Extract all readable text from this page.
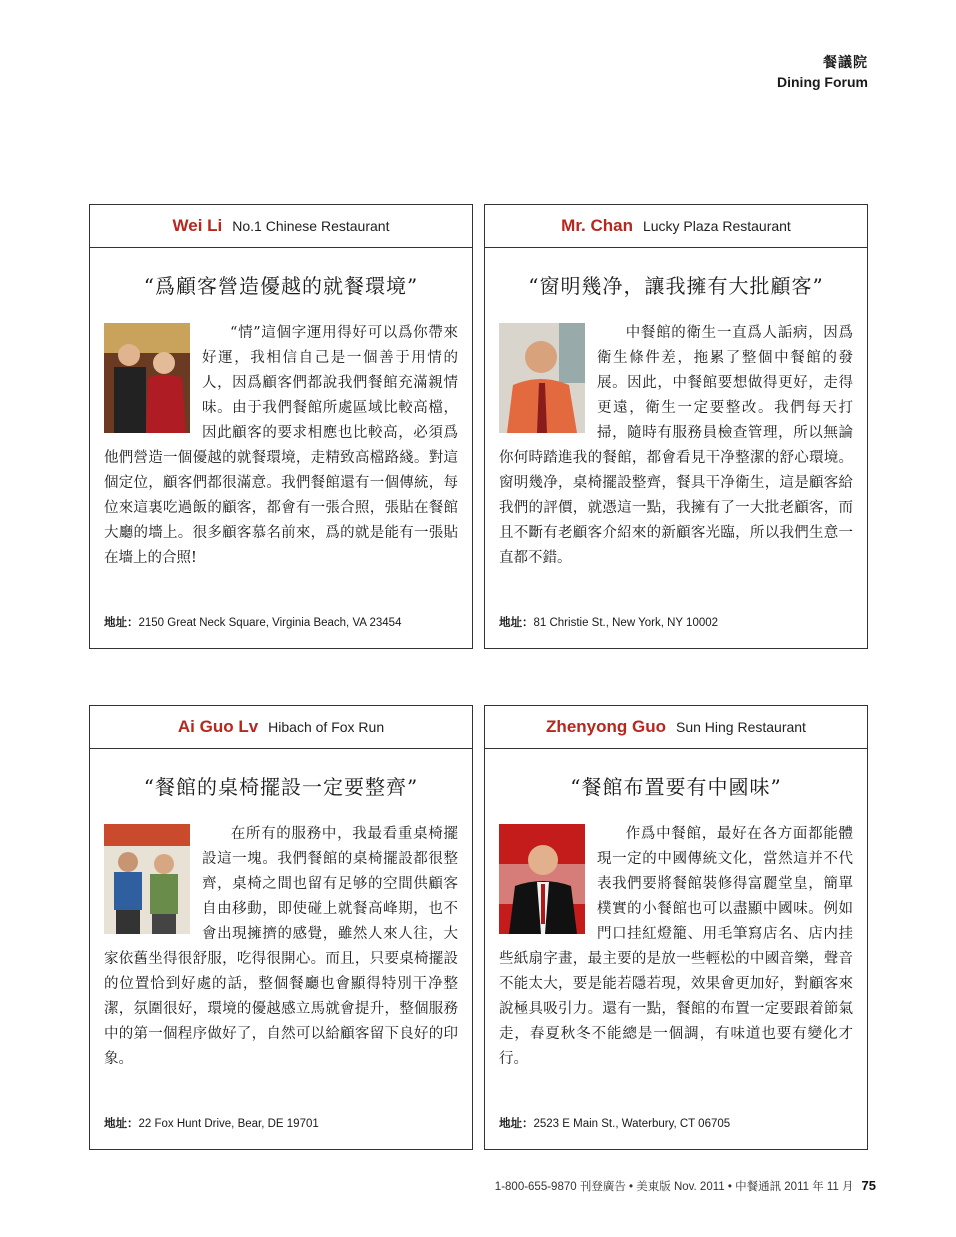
餐議院
Dining Forum
Wei Li No.1 Chinese Restaurant
“爲顧客營造優越的就餐環境”
“情”這個字運用得好可以爲你帶來好運，我相信自己是一個善于用情的人，因爲顧客們都說我們餐館充滿親情味。由于我們餐館所處區域比較高檔，因此顧客的要求相應也比較高，必須爲他們營造一個優越的就餐環境，走精致高檔路綫。對這個定位，顧客們都很滿意。我們餐館還有一個傳統，每位來這裏吃過飯的顧客，都會有一張合照，張貼在餐館大廳的墻上。很多顧客慕名前來，爲的就是能有一張貼在墻上的合照!
地址：2150 Great Neck Square, Virginia Beach, VA 23454
Mr. Chan Lucky Plaza Restaurant
“窗明幾净，讓我擁有大批顧客”
中餐館的衛生一直爲人詬病，因爲衛生條件差，拖累了整個中餐館的發展。因此，中餐館要想做得更好，走得更遠，衛生一定要整改。我們每天打掃，隨時有服務員檢查管理，所以無論你何時踏進我的餐館，都會看見干净整潔的舒心環境。窗明幾净，桌椅擺設整齊，餐具干净衛生，這是顧客給我們的評價，就憑這一點，我擁有了一大批老顧客，而且不斷有老顧客介紹來的新顧客光臨，所以我們生意一直都不錯。
地址：81 Christie St., New York, NY 10002
Ai Guo Lv Hibach of Fox Run
“餐館的桌椅擺設一定要整齊”
在所有的服務中，我最看重桌椅擺設這一塊。我們餐館的桌椅擺設都很整齊，桌椅之間也留有足够的空間供顧客自由移動，即使碰上就餐高峰期，也不會出現擁擠的感覺，雖然人來人往，大家依舊坐得很舒服，吃得很開心。而且，只要桌椅擺設的位置恰到好處的話，整個餐廳也會顯得特別干净整潔，氛圍很好，環境的優越感立馬就會提升，整個服務中的第一個程序做好了，自然可以給顧客留下良好的印象。
地址：22 Fox Hunt Drive, Bear, DE 19701
Zhenyong Guo Sun Hing Restaurant
“餐館布置要有中國味”
作爲中餐館，最好在各方面都能體現一定的中國傳統文化，當然這并不代表我們要將餐館裝修得富麗堂皇，簡單樸實的小餐館也可以盡顯中國味。例如門口挂紅燈籠、用毛筆寫店名、店内挂些紙扇字畫，最主要的是放一些輕松的中國音樂，聲音不能太大，要是能若隱若現，效果會更加好，對顧客來說極具吸引力。還有一點，餐館的布置一定要跟着節氣走，春夏秋冬不能總是一個調，有味道也要有變化才行。
地址：2523 E Main St., Waterbury, CT 06705
1-800-655-9870 刊登廣告 • 美東版 Nov. 2011 • 中餐通訊 2011 年 11 月 75
